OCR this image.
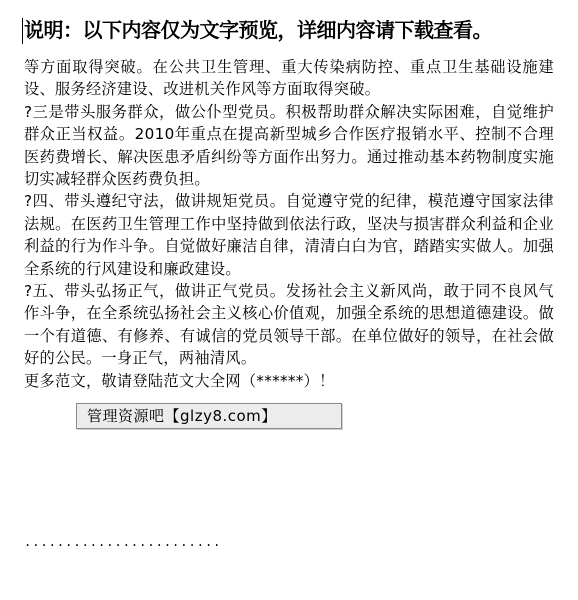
说明：以下内容仅为文字预览，详细内容请下载查看。

等方面取得突破。在公共卫生管理、重大传染病防控、重点卫生基础设施建设、服务经济建设、改进机关作风等方面取得突破。

?三是带头服务群众，做公仆型党员。积极帮助群众解决实际困难，自觉维护群众正当权益。2010年重点在提高新型城乡合作医疗报销水平、控制不合理医药费增长、解决医患矛盾纠纷等方面作出努力。通过推动基本药物制度实施切实减轻群众医药费负担。

?四、带头遵纪守法，做讲规矩党员。自觉遵守党的纪律，模范遵守国家法律法规。在医药卫生管理工作中坚持做到依法行政，坚决与损害群众利益和企业利益的行为作斗争。自觉做好廉洁自律，清清白白为官，踏踏实实做人。加强全系统的行风建设和廉政建设。

?五、带头弘扬正气，做讲正气党员。发扬社会主义新风尚，敢于同不良风气作斗争，在全系统弘扬社会主义核心价值观，加强全系统的思想道德建设。做一个有道德、有修养、有诚信的党员领导干部。在单位做好的领导，在社会做好的公民。一身正气，两袖清风。

更多范文，敬请登陆范文大全网（******）！

........................
管理资源吧【glzy8.com】
